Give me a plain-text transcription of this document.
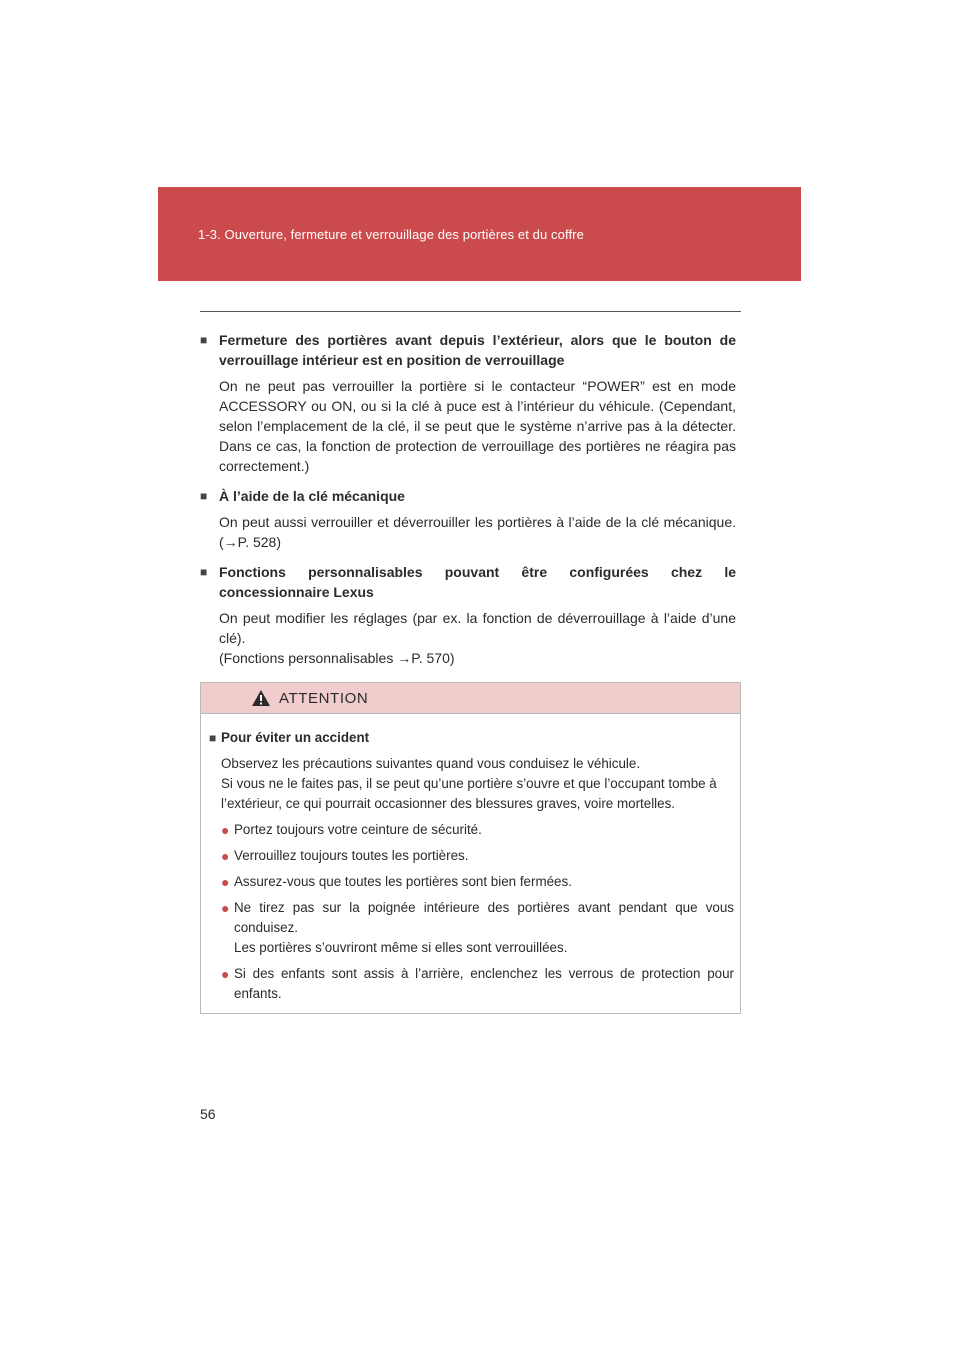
1-3. Ouverture, fermeture et verrouillage des portières et du coffre
■ Fermeture des portières avant depuis l’extérieur, alors que le bouton de verrouillage intérieur est en position de verrouillage

On ne peut pas verrouiller la portière si le contacteur “POWER” est en mode ACCESSORY ou ON, ou si la clé à puce est à l’intérieur du véhicule. (Cependant, selon l’emplacement de la clé, il se peut que le système n’arrive pas à la détecter. Dans ce cas, la fonction de protection de verrouillage des portières ne réagira pas correctement.)

■ À l’aide de la clé mécanique

On peut aussi verrouiller et déverrouiller les portières à l’aide de la clé mécanique. (→P. 528)

■ Fonctions personnalisables pouvant être configurées chez le concessionnaire Lexus

On peut modifier les réglages (par ex. la fonction de déverrouillage à l’aide d’une clé).

(Fonctions personnalisables →P. 570)

ATTENTION
■ Pour éviter un accident

Observez les précautions suivantes quand vous conduisez le véhicule.

Si vous ne le faites pas, il se peut qu’une portière s’ouvre et que l’occupant tombe à l’extérieur, ce qui pourrait occasionner des blessures graves, voire mortelles.

● Portez toujours votre ceinture de sécurité.
● Verrouillez toujours toutes les portières.
● Assurez-vous que toutes les portières sont bien fermées.
● Ne tirez pas sur la poignée intérieure des portières avant pendant que vous conduisez.
Les portières s’ouvriront même si elles sont verrouillées.
● Si des enfants sont assis à l’arrière, enclenchez les verrous de protection pour enfants.
56
